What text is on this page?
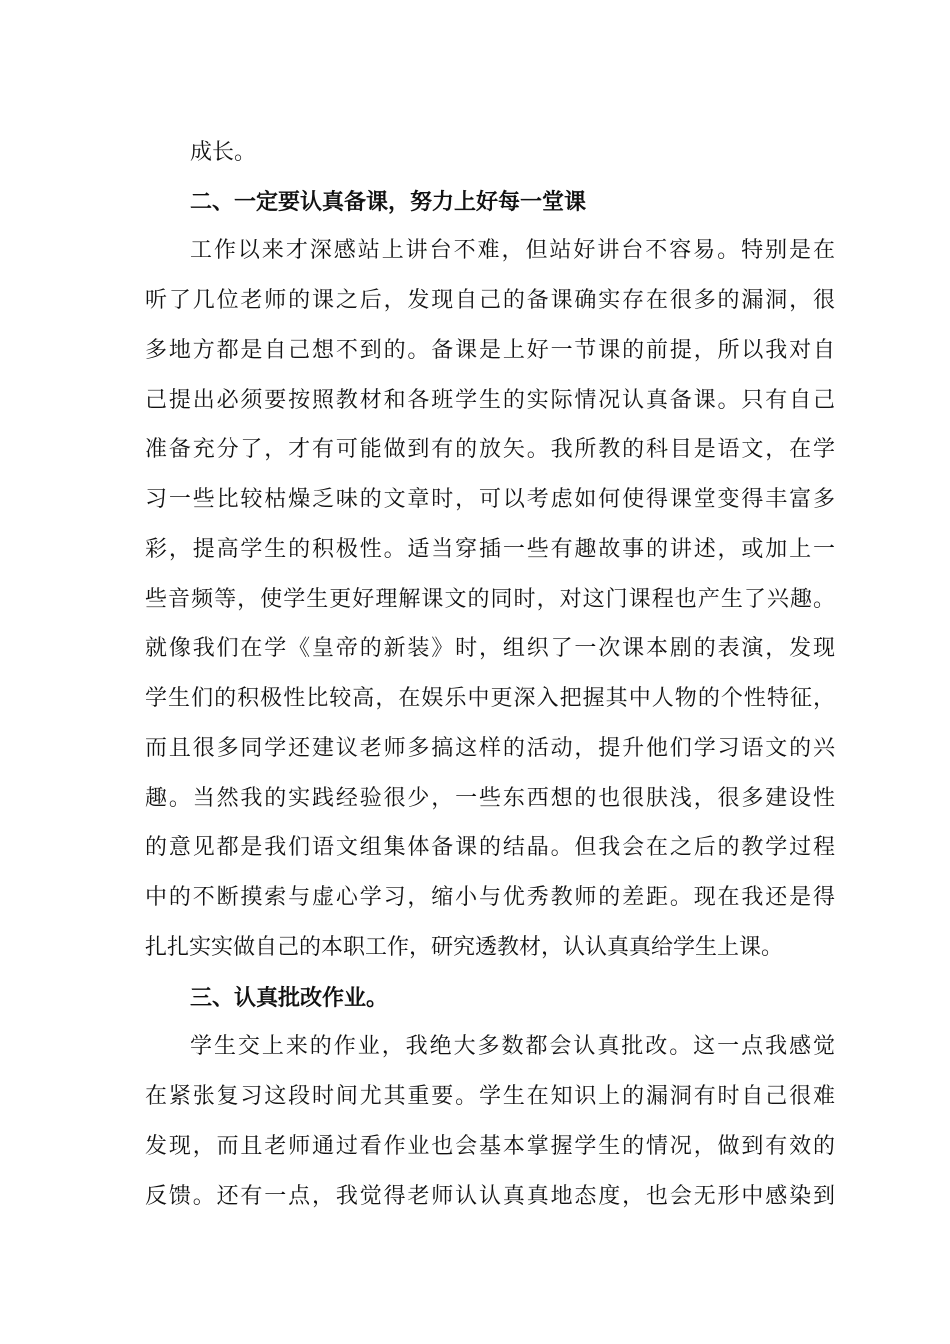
成长。
二、一定要认真备课，努力上好每一堂课
工作以来才深感站上讲台不难，但站好讲台不容易。特别是在
听了几位老师的课之后，发现自己的备课确实存在很多的漏洞，很
多地方都是自己想不到的。备课是上好一节课的前提，所以我对自
己提出必须要按照教材和各班学生的实际情况认真备课。只有自己
准备充分了，才有可能做到有的放矢。我所教的科目是语文，在学
习一些比较枯燥乏味的文章时，可以考虑如何使得课堂变得丰富多
彩，提高学生的积极性。适当穿插一些有趣故事的讲述，或加上一
些音频等，使学生更好理解课文的同时，对这门课程也产生了兴趣。
就像我们在学《皇帝的新装》时，组织了一次课本剧的表演，发现
学生们的积极性比较高，在娱乐中更深入把握其中人物的个性特征，
而且很多同学还建议老师多搞这样的活动，提升他们学习语文的兴
趣。当然我的实践经验很少，一些东西想的也很肤浅，很多建设性
的意见都是我们语文组集体备课的结晶。但我会在之后的教学过程
中的不断摸索与虚心学习，缩小与优秀教师的差距。现在我还是得
扎扎实实做自己的本职工作，研究透教材，认认真真给学生上课。
三、认真批改作业。
学生交上来的作业，我绝大多数都会认真批改。这一点我感觉
在紧张复习这段时间尤其重要。学生在知识上的漏洞有时自己很难
发现，而且老师通过看作业也会基本掌握学生的情况，做到有效的
反馈。还有一点，我觉得老师认认真真地态度，也会无形中感染到
